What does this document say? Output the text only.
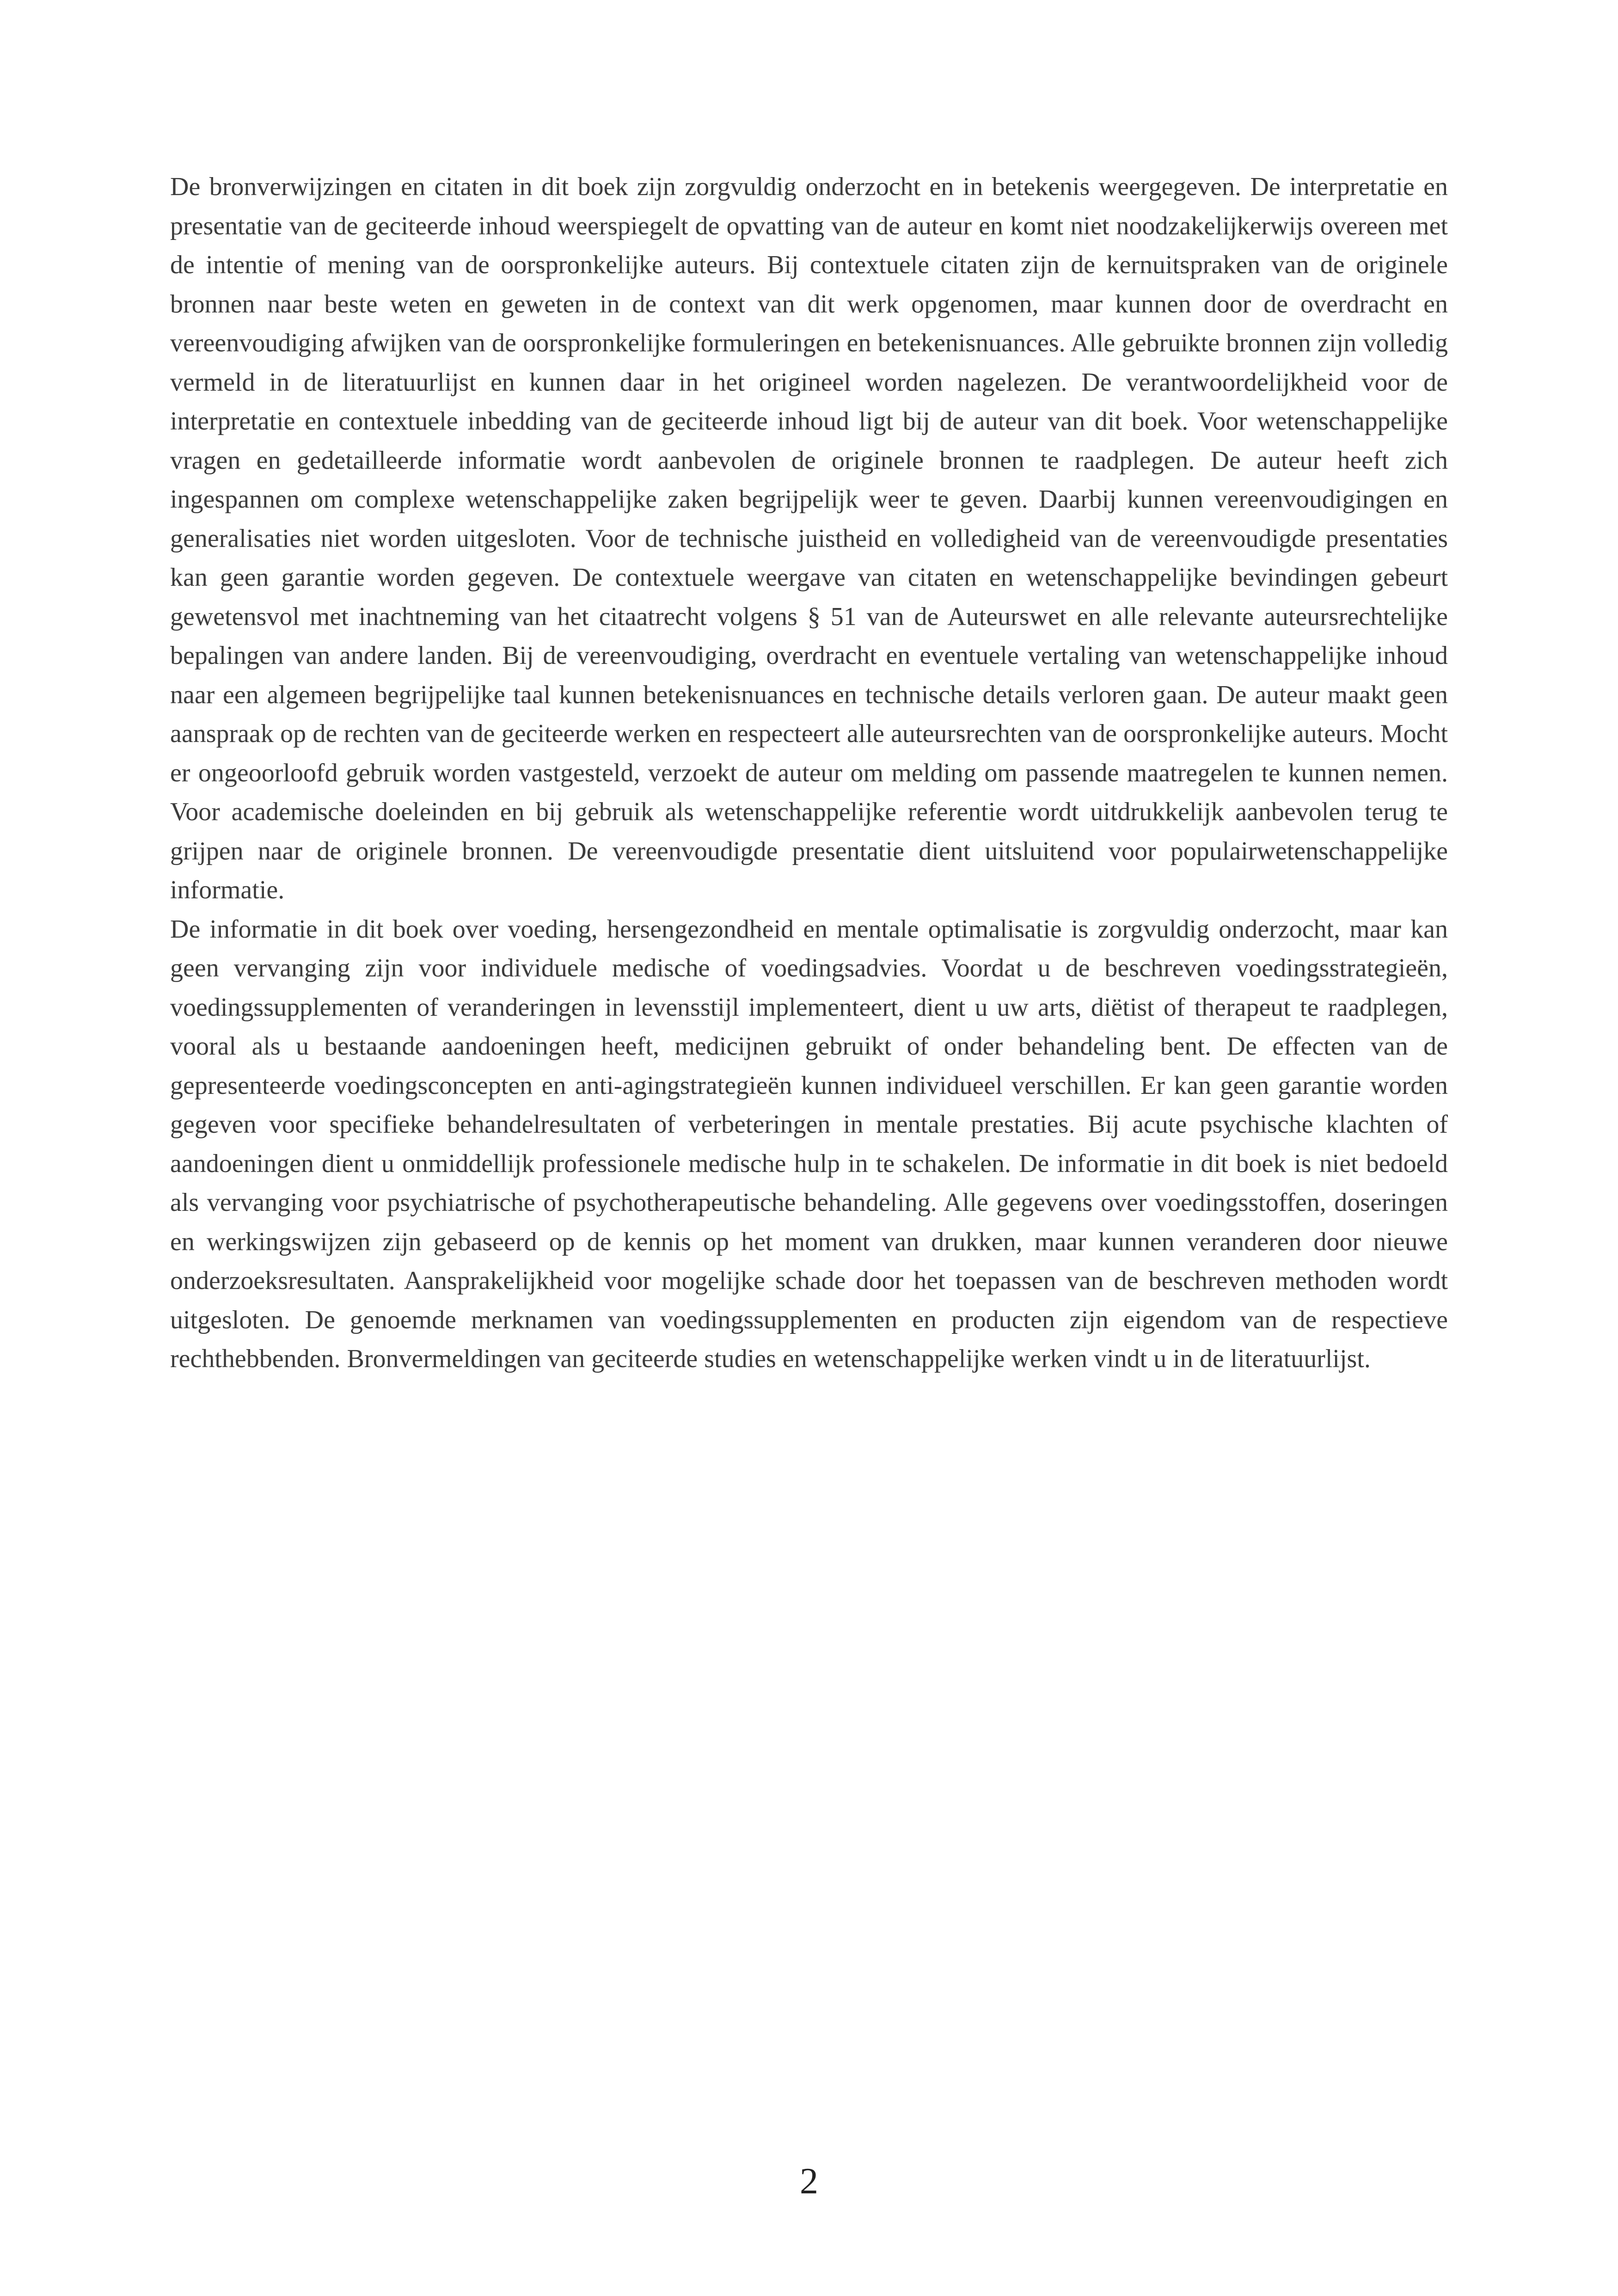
De bronverwijzingen en citaten in dit boek zijn zorgvuldig onderzocht en in betekenis weergegeven. De interpretatie en presentatie van de geciteerde inhoud weerspiegelt de opvatting van de auteur en komt niet noodzakelijkerwijs overeen met de intentie of mening van de oorspronkelijke auteurs. Bij contextuele citaten zijn de kernuitspraken van de originele bronnen naar beste weten en geweten in de context van dit werk opgenomen, maar kunnen door de overdracht en vereenvoudiging afwijken van de oorspronkelijke formuleringen en betekenisnuances. Alle gebruikte bronnen zijn volledig vermeld in de literatuurlijst en kunnen daar in het origineel worden nagelezen. De verantwoordelijkheid voor de interpretatie en contextuele inbedding van de geciteerde inhoud ligt bij de auteur van dit boek. Voor wetenschappelijke vragen en gedetailleerde informatie wordt aanbevolen de originele bronnen te raadplegen. De auteur heeft zich ingespannen om complexe wetenschappelijke zaken begrijpelijk weer te geven. Daarbij kunnen vereenvoudigingen en generalisaties niet worden uitgesloten. Voor de technische juistheid en volledigheid van de vereenvoudigde presentaties kan geen garantie worden gegeven. De contextuele weergave van citaten en wetenschappelijke bevindingen gebeurt gewetensvol met inachtneming van het citaatrecht volgens § 51 van de Auteurswet en alle relevante auteursrechtelijke bepalingen van andere landen. Bij de vereenvoudiging, overdracht en eventuele vertaling van wetenschappelijke inhoud naar een algemeen begrijpelijke taal kunnen betekenisnuances en technische details verloren gaan. De auteur maakt geen aanspraak op de rechten van de geciteerde werken en respecteert alle auteursrechten van de oorspronkelijke auteurs. Mocht er ongeoorloofd gebruik worden vastgesteld, verzoekt de auteur om melding om passende maatregelen te kunnen nemen. Voor academische doeleinden en bij gebruik als wetenschappelijke referentie wordt uitdrukkelijk aanbevolen terug te grijpen naar de originele bronnen. De vereenvoudigde presentatie dient uitsluitend voor populairwetenschappelijke informatie.

De informatie in dit boek over voeding, hersengezondheid en mentale optimalisatie is zorgvuldig onderzocht, maar kan geen vervanging zijn voor individuele medische of voedingsadvies. Voordat u de beschreven voedingsstrategieën, voedingssupplementen of veranderingen in levensstijl implementeert, dient u uw arts, diëtist of therapeut te raadplegen, vooral als u bestaande aandoeningen heeft, medicijnen gebruikt of onder behandeling bent. De effecten van de gepresenteerde voedingsconcepten en anti-agingstrategieën kunnen individueel verschillen. Er kan geen garantie worden gegeven voor specifieke behandelresultaten of verbeteringen in mentale prestaties. Bij acute psychische klachten of aandoeningen dient u onmiddellijk professionele medische hulp in te schakelen. De informatie in dit boek is niet bedoeld als vervanging voor psychiatrische of psychotherapeutische behandeling. Alle gegevens over voedingsstoffen, doseringen en werkingswijzen zijn gebaseerd op de kennis op het moment van drukken, maar kunnen veranderen door nieuwe onderzoeksresultaten. Aansprakelijkheid voor mogelijke schade door het toepassen van de beschreven methoden wordt uitgesloten. De genoemde merknamen van voedingssupplementen en producten zijn eigendom van de respectieve rechthebbenden. Bronvermeldingen van geciteerde studies en wetenschappelijke werken vindt u in de literatuurlijst.

2
